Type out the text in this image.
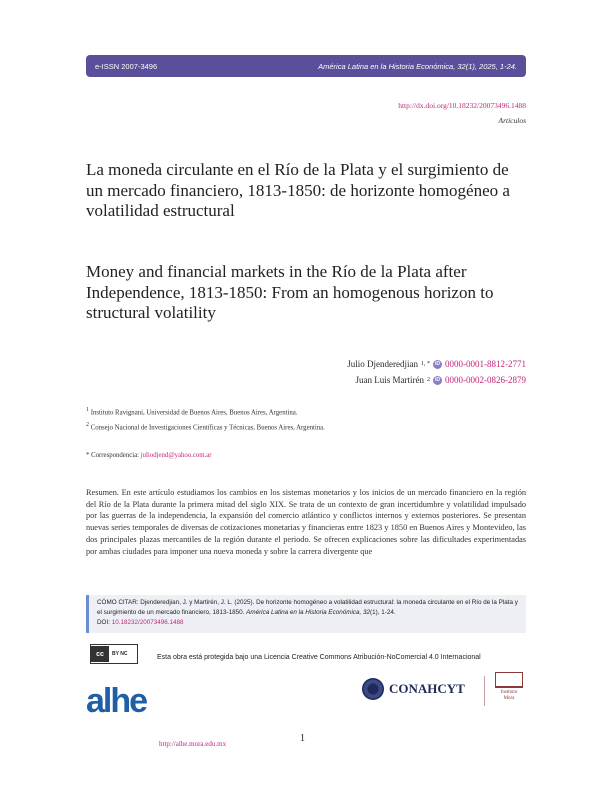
e-ISSN 2007-3496	América Latina en la Historia Económica, 32(1), 2025, 1-24.
http://dx.doi.org/10.18232/20073496.1488
Artículos
La moneda circulante en el Río de la Plata y el surgimiento de un mercado financiero, 1813-1850: de horizonte homogéneo a volatilidad estructural
Money and financial markets in the Río de la Plata after Independence, 1813-1850: From an homogenous horizon to structural volatility
Julio Djenderedjian 1, *	iD 0000-0001-8812-2771
Juan Luis Martirén 2	iD 0000-0002-0826-2879
$^1$ Instituto Ravignani, Universidad de Buenos Aires, Buenos Aires, Argentina.
$^2$ Consejo Nacional de Investigaciones Científicas y Técnicas, Buenos Aires, Argentina.
* Correspondencia: juliodjend@yahoo.com.ar

Resumen. En este artículo estudiamos los cambios en los sistemas monetarios y los inicios de un mercado financiero en la región del Río de la Plata durante la primera mitad del siglo XIX. Se trata de un contexto de gran incertidumbre y volatilidad impulsado por las guerras de la independencia, la expansión del comercio atlántico y conflictos internos y externos posteriores. Se presentan nuevas series temporales de diversas de cotizaciones monetarias y financieras entre 1823 y 1850 en Buenos Aires y Montevideo, las dos principales plazas mercantiles de la región durante el periodo. Se ofrecen explicaciones sobre las dificultades experimentadas por ambas ciudades para imponer una nueva moneda y sobre la carrera divergente que

CÓMO CITAR: Djenderedjian, J. y Martirén, J. L. (2025). De horizonte homogéneo a volatilidad estructural: la moneda circulante en el Río de la Plata y el surgimiento de un mercado financiero, 1813-1850. América Latina en la Historia Económica, 32(1), 1-24.
DOI: 10.18232/20073496.1488
cc	BY NC	Esta obra está protegida bajo una Licencia Creative Commons Atribución-NoComercial 4.0 Internacional
alhe	CONAHCYT	Instituto
Mora
1
http://alhe.mora.edu.mx
